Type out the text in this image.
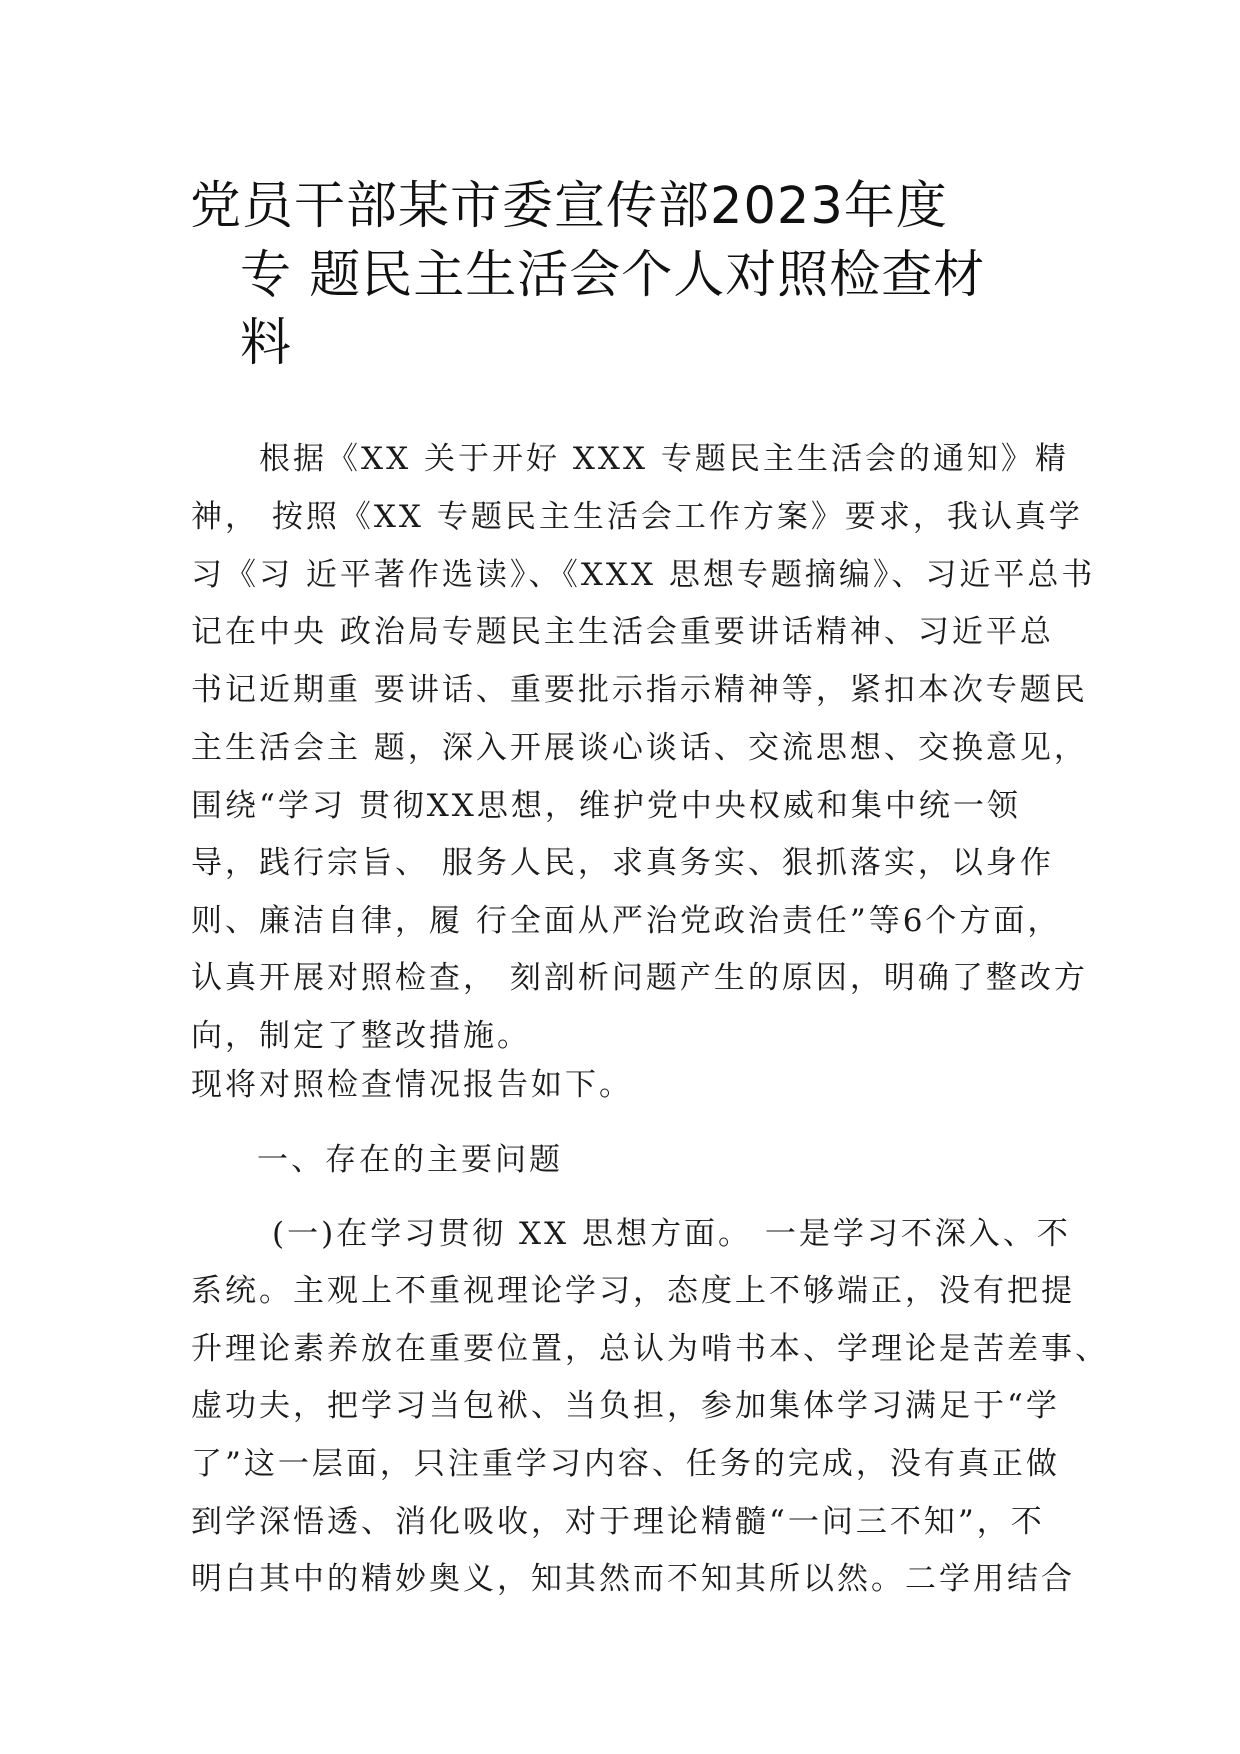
党员干部某市委宣传部2023年度
专 题民主生活会个人对照检查材
料
根据《XX 关于开好 XXX 专题民主生活会的通知》精
神， 按照《XX 专题民主生活会工作方案》要求，我认真学
习《习 近平著作选读》、《XXX 思想专题摘编》、习近平总书
记在中央 政治局专题民主生活会重要讲话精神、习近平总
书记近期重 要讲话、重要批示指示精神等，紧扣本次专题民
主生活会主 题，深入开展谈心谈话、交流思想、交换意见，
围绕“学习 贯彻XX思想，维护党中央权威和集中统一领
导，践行宗旨、 服务人民，求真务实、狠抓落实，以身作
则、廉洁自律，履 行全面从严治党政治责任”等6个方面，
认真开展对照检查， 刻剖析问题产生的原因，明确了整改方
向，制定了整改措施。
现将对照检查情况报告如下。
一、存在的主要问题
(一)在学习贯彻 XX 思想方面。 一是学习不深入、不
系统。主观上不重视理论学习，态度上不够端正，没有把提
升理论素养放在重要位置，总认为啃书本、学理论是苦差事、
虚功夫，把学习当包袱、当负担，参加集体学习满足于“学
了”这一层面，只注重学习内容、任务的完成，没有真正做
到学深悟透、消化吸收，对于理论精髓“一问三不知”，不
明白其中的精妙奥义，知其然而不知其所以然。二学用结合
